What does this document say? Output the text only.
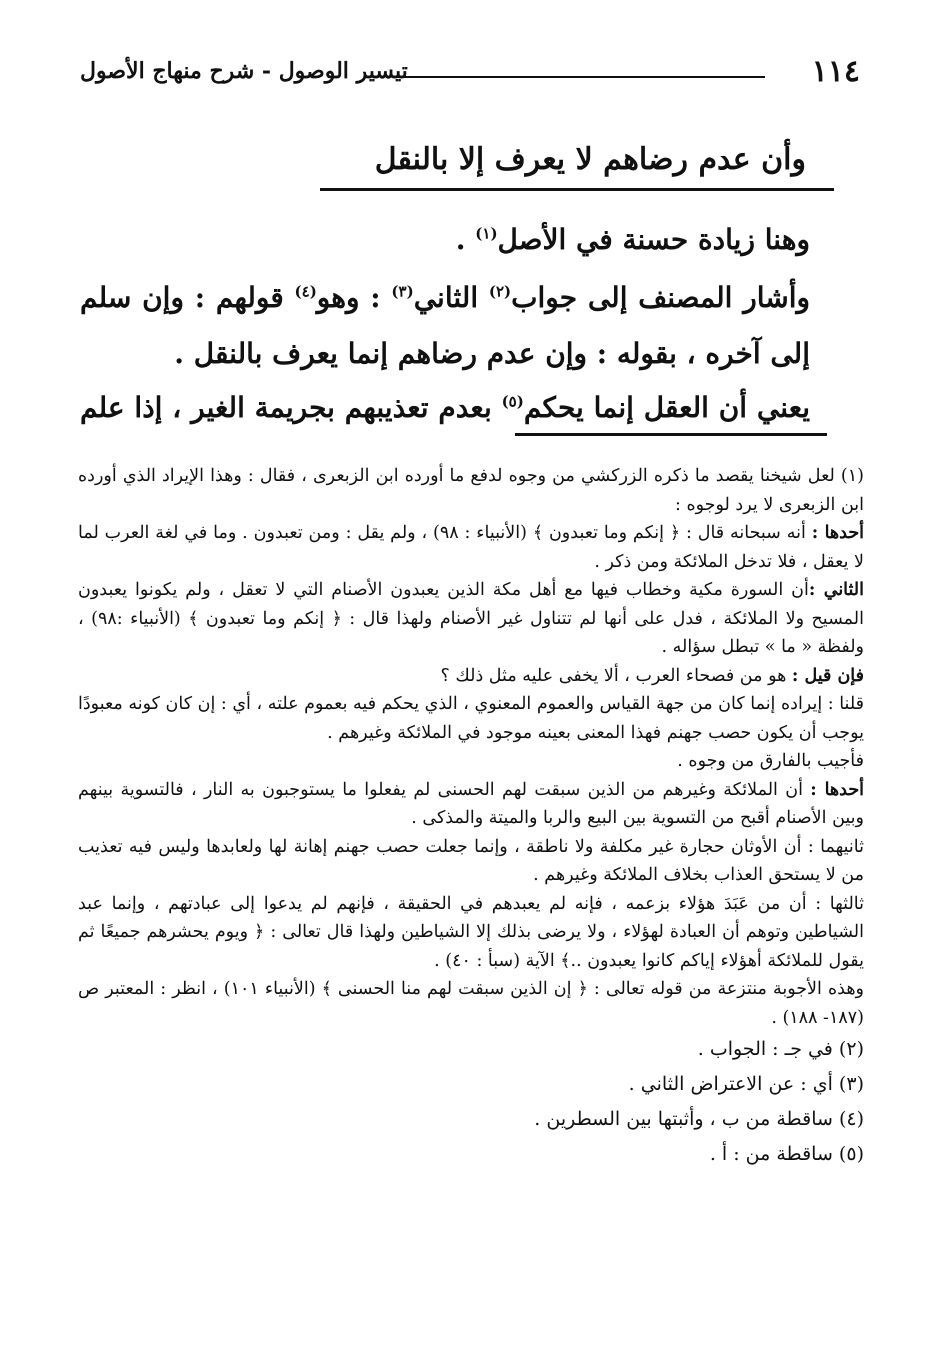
١١٤
تيسير الوصول - شرح منهاج الأصول
وأن عدم رضاهم لا يعرف إلا بالنقل

وهنا زيادة حسنة في الأصل$^{(١)}$ .

وأشار المصنف إلى جواب$^{(٢)}$ الثاني$^{(٣)}$ : وهو$^{(٤)}$ قولهم : وإن سلم إلى آخره ، بقوله : وإن عدم رضاهم إنما يعرف بالنقل .

يعني أن العقل إنما يحكم$^{(٥)}$ بعدم تعذيبهم بجريمة الغير ، إذا علم

(١) لعل شيخنا يقصد ما ذكره الزركشي من وجوه لدفع ما أورده ابن الزبعرى ، فقال : وهذا الإيراد الذي أورده ابن الزبعرى لا يرد لوجوه :

أحدها : أنه سبحانه قال : ﴿ إنكم وما تعبدون ﴾ (الأنبياء : ٩٨) ، ولم يقل : ومن تعبدون . وما في لغة العرب لما لا يعقل ، فلا تدخل الملائكة ومن ذكر .

الثاني :أن السورة مكية وخطاب فيها مع أهل مكة الذين يعبدون الأصنام التي لا تعقل ، ولم يكونوا يعبدون المسيح ولا الملائكة ، فدل على أنها لم تتناول غير الأصنام ولهذا قال : ﴿ إنكم وما تعبدون ﴾ (الأنبياء :٩٨) ، ولفظة « ما » تبطل سؤاله .

فإن قيل : هو من فصحاء العرب ، ألا يخفى عليه مثل ذلك ؟

قلنا : إيراده إنما كان من جهة القياس والعموم المعنوي ، الذي يحكم فيه بعموم علته ، أي : إن كان كونه معبودًا يوجب أن يكون حصب جهنم فهذا المعنى بعينه موجود في الملائكة وغيرهم .

فأجيب بالفارق من وجوه .

أحدها : أن الملائكة وغيرهم من الذين سبقت لهم الحسنى لم يفعلوا ما يستوجبون به النار ، فالتسوية بينهم وبين الأصنام أقبح من التسوية بين البيع والربا والميتة والمذكى .

ثانيهما : أن الأوثان حجارة غير مكلفة ولا ناطقة ، وإنما جعلت حصب جهنم إهانة لها ولعابدها وليس فيه تعذيب من لا يستحق العذاب بخلاف الملائكة وغيرهم .

ثالثها : أن من عَبَدَ هؤلاء بزعمه ، فإنه لم يعبدهم في الحقيقة ، فإنهم لم يدعوا إلى عبادتهم ، وإنما عبد الشياطين وتوهم أن العبادة لهؤلاء ، ولا يرضى بذلك إلا الشياطين ولهذا قال تعالى : ﴿ ويوم يحشرهم جميعًا ثم يقول للملائكة أهؤلاء إياكم كانوا يعبدون ..﴾ الآية (سبأ : ٤٠) .

وهذه الأجوبة منتزعة من قوله تعالى : ﴿ إن الذين سبقت لهم منا الحسنى ﴾ (الأنبياء ١٠١) ، انظر : المعتبر ص (١٨٧- ١٨٨) .

(٢) في جـ : الجواب .

(٣) أي : عن الاعتراض الثاني .

(٤) ساقطة من ب ، وأثبتها بين السطرين .

(٥) ساقطة من : أ .
